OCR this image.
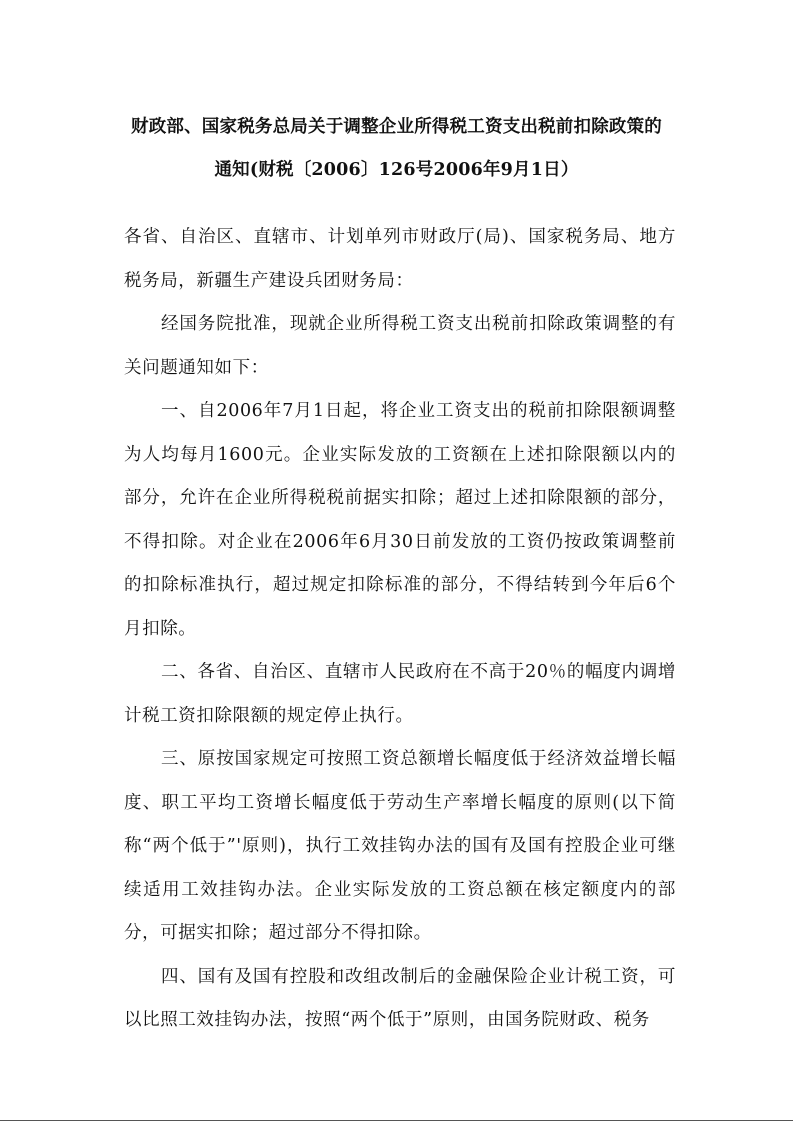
财政部、国家税务总局关于调整企业所得税工资支出税前扣除政策的
通知(财税〔2006〕126号2006年9月1日）

各省、自治区、直辖市、计划单列市财政厅(局)、国家税务局、地方税务局，新疆生产建设兵团财务局：

经国务院批准，现就企业所得税工资支出税前扣除政策调整的有关问题通知如下：

一、自2006年7月1日起，将企业工资支出的税前扣除限额调整为人均每月1600元。企业实际发放的工资额在上述扣除限额以内的部分，允许在企业所得税税前据实扣除；超过上述扣除限额的部分，不得扣除。对企业在2006年6月30日前发放的工资仍按政策调整前的扣除标准执行，超过规定扣除标准的部分，不得结转到今年后6个月扣除。

二、各省、自治区、直辖市人民政府在不高于20％的幅度内调增计税工资扣除限额的规定停止执行。

三、原按国家规定可按照工资总额增长幅度低于经济效益增长幅度、职工平均工资增长幅度低于劳动生产率增长幅度的原则(以下简称“两个低于”'原则)，执行工效挂钩办法的国有及国有控股企业可继续适用工效挂钩办法。企业实际发放的工资总额在核定额度内的部分，可据实扣除；超过部分不得扣除。

四、国有及国有控股和改组改制后的金融保险企业计税工资，可以比照工效挂钩办法，按照“两个低于”原则，由国务院财政、税务
